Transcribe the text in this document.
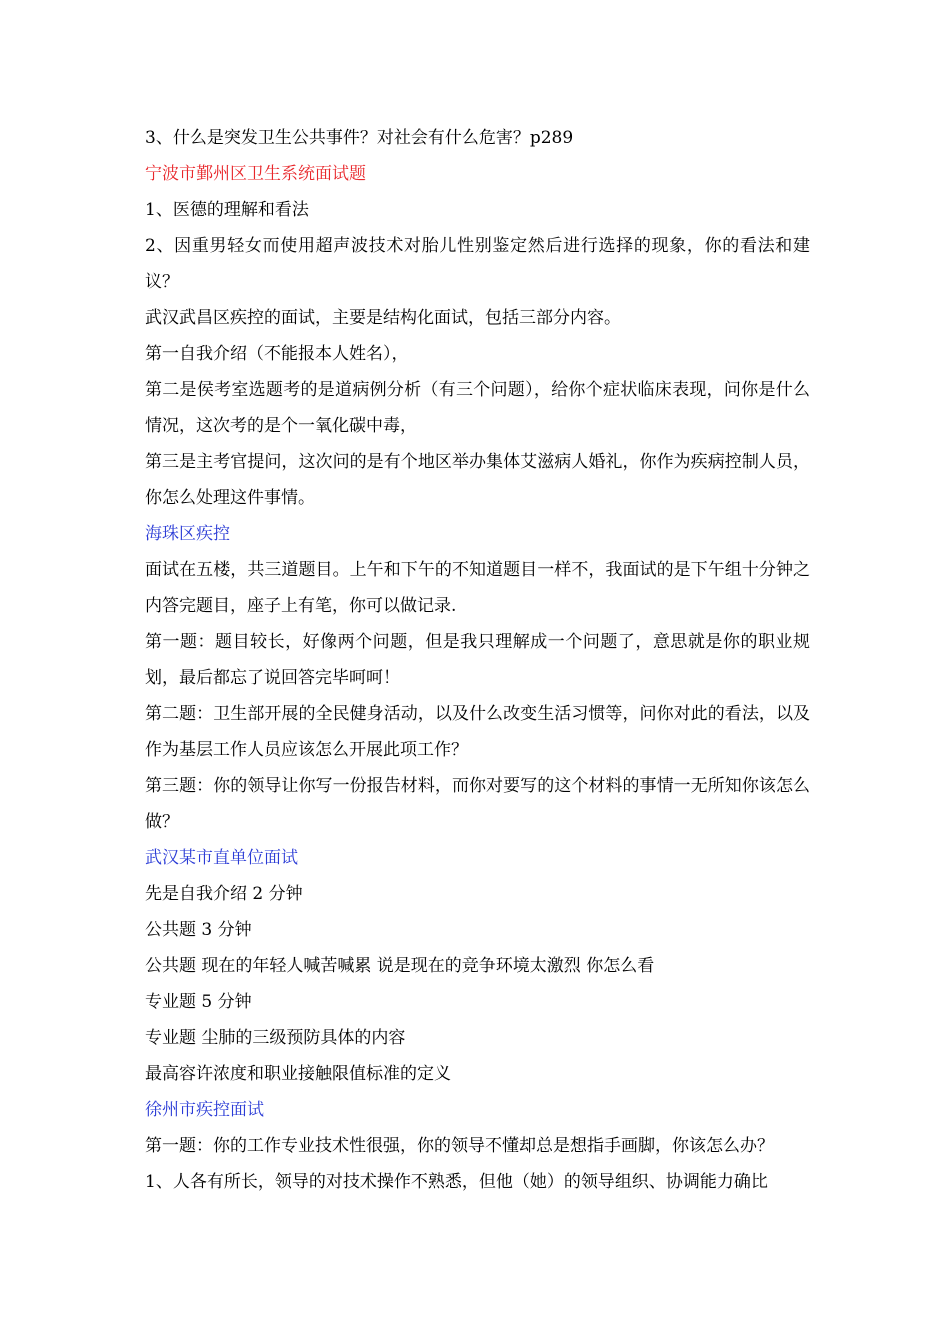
3、什么是突发卫生公共事件？对社会有什么危害？p289
宁波市鄞州区卫生系统面试题
1、医德的理解和看法
2、因重男轻女而使用超声波技术对胎儿性别鉴定然后进行选择的现象，你的看法和建议？
武汉武昌区疾控的面试，主要是结构化面试，包括三部分内容。
第一自我介绍（不能报本人姓名），
第二是侯考室选题考的是道病例分析（有三个问题），给你个症状临床表现，问你是什么情况，这次考的是个一氧化碳中毒，
第三是主考官提问，这次问的是有个地区举办集体艾滋病人婚礼，你作为疾病控制人员，你怎么处理这件事情。
海珠区疾控
面试在五楼，共三道题目。上午和下午的不知道题目一样不，我面试的是下午组十分钟之内答完题目，座子上有笔，你可以做记录.
第一题：题目较长，好像两个问题，但是我只理解成一个问题了，意思就是你的职业规划，最后都忘了说回答完毕呵呵！
第二题：卫生部开展的全民健身活动，以及什么改变生活习惯等，问你对此的看法，以及作为基层工作人员应该怎么开展此项工作？
第三题：你的领导让你写一份报告材料，而你对要写的这个材料的事情一无所知你该怎么做？
武汉某市直单位面试
先是自我介绍 2 分钟
公共题 3 分钟
公共题 现在的年轻人喊苦喊累 说是现在的竞争环境太激烈 你怎么看
专业题 5 分钟
专业题 尘肺的三级预防具体的内容
最高容许浓度和职业接触限值标准的定义
徐州市疾控面试
第一题：你的工作专业技术性很强，你的领导不懂却总是想指手画脚，你该怎么办？
1、人各有所长，领导的对技术操作不熟悉，但他（她）的领导组织、协调能力确比
